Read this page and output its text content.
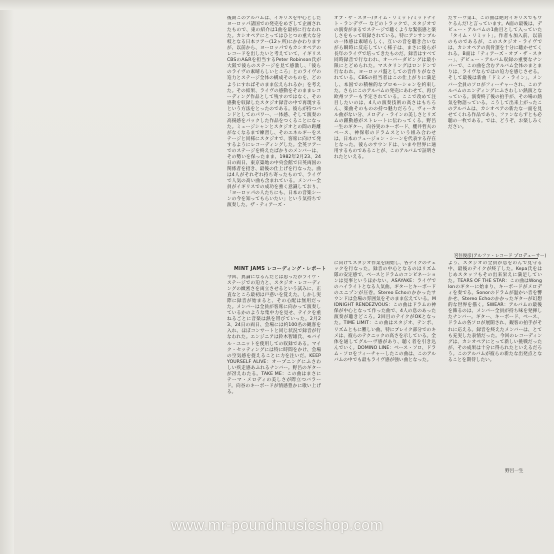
後期このアルバムは、イギリスを中心としたヨーロッパ諸国での発売をめざして企画されたもので、東の紹介は1曲を最初に行なわれた。カシオペアにとってはひとつの重大な分岐となる日本ツアー(12ヶ所)にかかわりますが、以前から、ヨーロッパでもカシオペアのレコードを出したいと考えていて、イギリスCBSのA&Rを担当するPeter Robinson氏が大阪で彼らのステージを見て感激し、「彼らのライヴの素晴らしいところ」とのライヴの迫力とステージ全体の構成そのものを、どのようにすればそのまま伝えられるか」を考えた。その結果、ライヴの感動をそのままレコーディング作品として残すのではなく、その感動を収録したスタジオ録音の中で再現するという方法をとったのである。彼らが持つバンドとしてのパワー、一体感、そして演奏の高揚感をパックした作品をつくることになった。ミュージシャンとスタジオとの間の距離がなくなるまで練習し、そのエネルギーをステージと同様にスタジオで、客席に向けて発するようにレコーディングした。全英ツアーでのステージを終えたばかりのメンバーは、その勢いを保ったまま、1982年2月23、24日の両日、東京築地の中央会館で日英両国の関係者を招き、最後の仕上げを行なった。曲は4人がそれぞれ持ち寄ったもので、ライヴで人気の高い曲も含まれている。メンバー全員がイギリスでの成功を強く意識しており、「ヨーロッパの人たちにも、日本の音楽シーンの今を知ってもらいたい」という気持ちで演奏した。ザ・ティアーズ・
オブ・ザ・スター/タイム・リミット/ミッドナイト・ランデヴー などのトラックで、スタジオでの演奏がまるでステージで聴くような緊張感と楽しさをもって収録されている。特にアンサンブルの一体感は素晴らしく、互いの音を聴き合いながら瞬時に反応していく様子は、まさに彼らが長年のライヴで培ってきたものだ。録音はすべて同時録音で行なわれ、オーバーダビングは最小限にとどめられた。マスタリングはロンドンで行なわれ、ヨーロッパ盤としての音作りがなされている。CBSの担当者はこの仕上がりに満足し、本国での積極的なプロモーションを約束した。さらにこのアルバムの発売にあわせて、再び欧州ツアーも予定されている。ここで改めて注目したいのは、4人の演奏技術の高さはもちろん、楽曲そのものの持つ魅力だろう。ヴォーカル曲がない分、メロディ・ラインの美しさとリズムの躍動感がストレートに伝わってくる。野呂一生のギター、向谷実のキーボード、櫻井哲夫のベース、神保彰のドラムスという組み合わせは、日本のフュージョン・シーンを代表する存在となった。彼らのサウンドは、いまや世界に通用するものであることが、このアルバムで証明されたといえる。
たサーヴ第1、この曲は絶対イギリスでもウケるんだ!と言っています。A面の最後は、デビュー・アルバムの1曲目として入っていた「タイム・リミット」。作者も加入前、以前のものであるが、このスタジオ・ライヴでは、カシオペアの真骨頂を十分に聴かせてくれる。B面は「ティアーズ・オブ・ザ・スター」、デビュー・アルバム収録の重要なナンバーで、この曲を含むアルバム全体のまとまりは、ライヴならではの迫力を感じさせる。そして最後は新曲「ドミノ・ライン」。メンバー全員のソロがフィーチャーされ、このアルバムのエンディングにふさわしい熱演となっている。演奏終了後の拍手が、その場の熱気を物語っている。こうして出来上がったこのアルバムは、カシオペアの新たな一面を見せてくれる作品であり、ファンならずとも必聴の一枚である。では、どうぞ、お楽しみください。
宮住俊彦(アルファ・レコード プロデューサー)
MINT JAMS レコーディング・レポート
今回、異論になるんだとは思ったがライヴ・ステージでの迫力と、スタジオ・レコーディングの緻密さを両立させるという試みに、正直なところ最初は戸惑いを覚えた。しかし実際に録音が始まると、その心配は無用だった。メンバーは全員が客席に向かって演奏しているかのような集中力を見せ、テイクを重ねるごとに音楽は熱を帯びていった。2月23、24日の両日、会場には約100名の観客を入れ、ほぼコンサートと同じ状況で録音が行なわれた。エンジニアは鈴木智雄氏、モバイル・ユニットを使用しての収録である。マイク・セッティングには特に時間をかけ、会場の空気感を捉えることに力を注いだ。KEEP YOURSELF ALIVE：オープニングにふさわしい疾走感あふれるナンバー。野呂のギターが冴えわたる。TAKE ME：この曲はまさにテーマ・メロディの美しさが際立つバラード。向谷のキーボードが情感豊かに歌い上げる。
に向けてスタジオ作業を開始し、各テイクのチェックを行なった。録音の中心となるのはリズム隊の安定感で、ベースとドラムのコンビネーションは見事というほかない。ASAYAKE：ライヴでのハイライトとなる人気曲。ギターとキーボードのユニゾンが圧巻。Stereo Echoのかかったサウンドは会場の雰囲気をそのまま伝えている。MIDNIGHT RENDEZVOUS：この曲はドラムの神保が中心となって作った曲で、4人の息のあった演奏が聴きどころ。2回目のテイクがOKとなった。TIME LIMIT：この曲はスタジオ、テンポ、リズムともに難しい曲。特にブレイク部分でのキメは、彼らのテクニックの高さを示している。全体を通してグルーヴ感があり、聴く者を引き込んでいく。DOMINO LINE：ベース・ソロ、ドラム・ソロをフィーチャーしたこの曲は、このアルバムの中でも最もライヴ感が強い曲となった。
よう、スタジオの全員が息をのんで見守る中、最後のテイクが終了した。Kepa氏をはじめスタッフもその出来栄えに満足していた。TEARS OF THE STAR：この曲はWonglonのギターに始まり、キーボードがメロディを奏でる。Sonorのドラムが温かい音を響かせ、Stereo Echoのかかったギターが幻想的な世界を描く。SWEAR：アルバムの最後を飾るのは、メンバー全員が持ち味を発揮したナンバー。ギター、キーボード、ベース、ドラムの各ソロが展開され、観客の拍手がそれに応える。録音を終えたメンバーは、とても充実した表情だった。今回のレコーディングは、カシオペアにとって新しい挑戦だったが、その成果は十分に得られたといえるだろう。このアルバムが彼らの新たな出発点となることを期待したい。
野呂一生
www.mr-poundmusicshop.com
